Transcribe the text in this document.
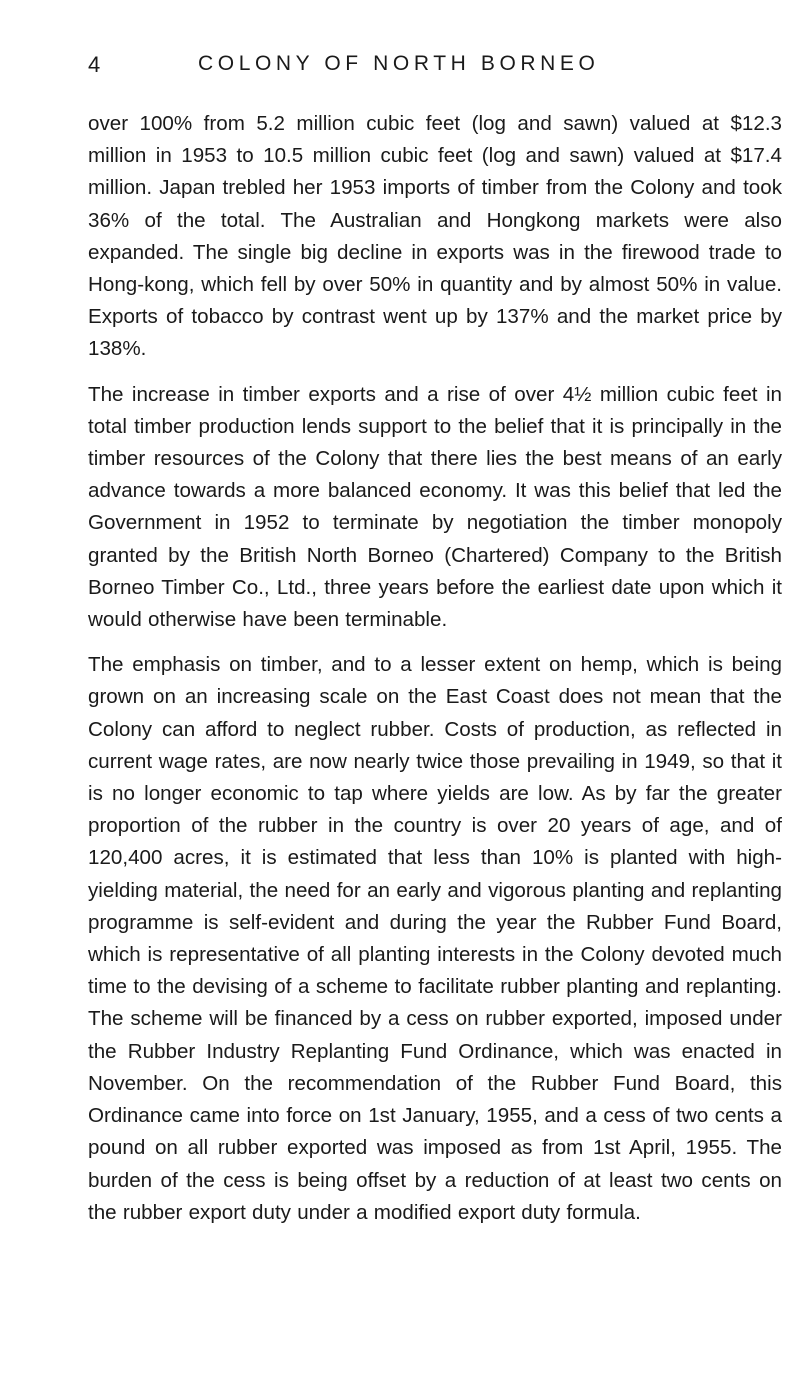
4	COLONY OF NORTH BORNEO

over 100% from 5.2 million cubic feet (log and sawn) valued at $12.3 million in 1953 to 10.5 million cubic feet (log and sawn) valued at $17.4 million. Japan trebled her 1953 imports of timber from the Colony and took 36% of the total. The Australian and Hongkong markets were also expanded. The single big decline in exports was in the firewood trade to Hong-kong, which fell by over 50% in quantity and by almost 50% in value. Exports of tobacco by contrast went up by 137% and the market price by 138%.

The increase in timber exports and a rise of over 4½ million cubic feet in total timber production lends support to the belief that it is principally in the timber resources of the Colony that there lies the best means of an early advance towards a more balanced economy. It was this belief that led the Government in 1952 to terminate by negotiation the timber monopoly granted by the British North Borneo (Chartered) Company to the British Borneo Timber Co., Ltd., three years before the earliest date upon which it would otherwise have been terminable.

The emphasis on timber, and to a lesser extent on hemp, which is being grown on an increasing scale on the East Coast does not mean that the Colony can afford to neglect rubber. Costs of production, as reflected in current wage rates, are now nearly twice those prevailing in 1949, so that it is no longer economic to tap where yields are low. As by far the greater proportion of the rubber in the country is over 20 years of age, and of 120,400 acres, it is estimated that less than 10% is planted with high-yielding material, the need for an early and vigorous planting and replanting programme is self-evident and during the year the Rubber Fund Board, which is representative of all planting interests in the Colony devoted much time to the devising of a scheme to facilitate rubber planting and replanting. The scheme will be financed by a cess on rubber exported, imposed under the Rubber Industry Replanting Fund Ordinance, which was enacted in November. On the recommendation of the Rubber Fund Board, this Ordinance came into force on 1st January, 1955, and a cess of two cents a pound on all rubber exported was imposed as from 1st April, 1955. The burden of the cess is being offset by a reduction of at least two cents on the rubber export duty under a modified export duty formula.
